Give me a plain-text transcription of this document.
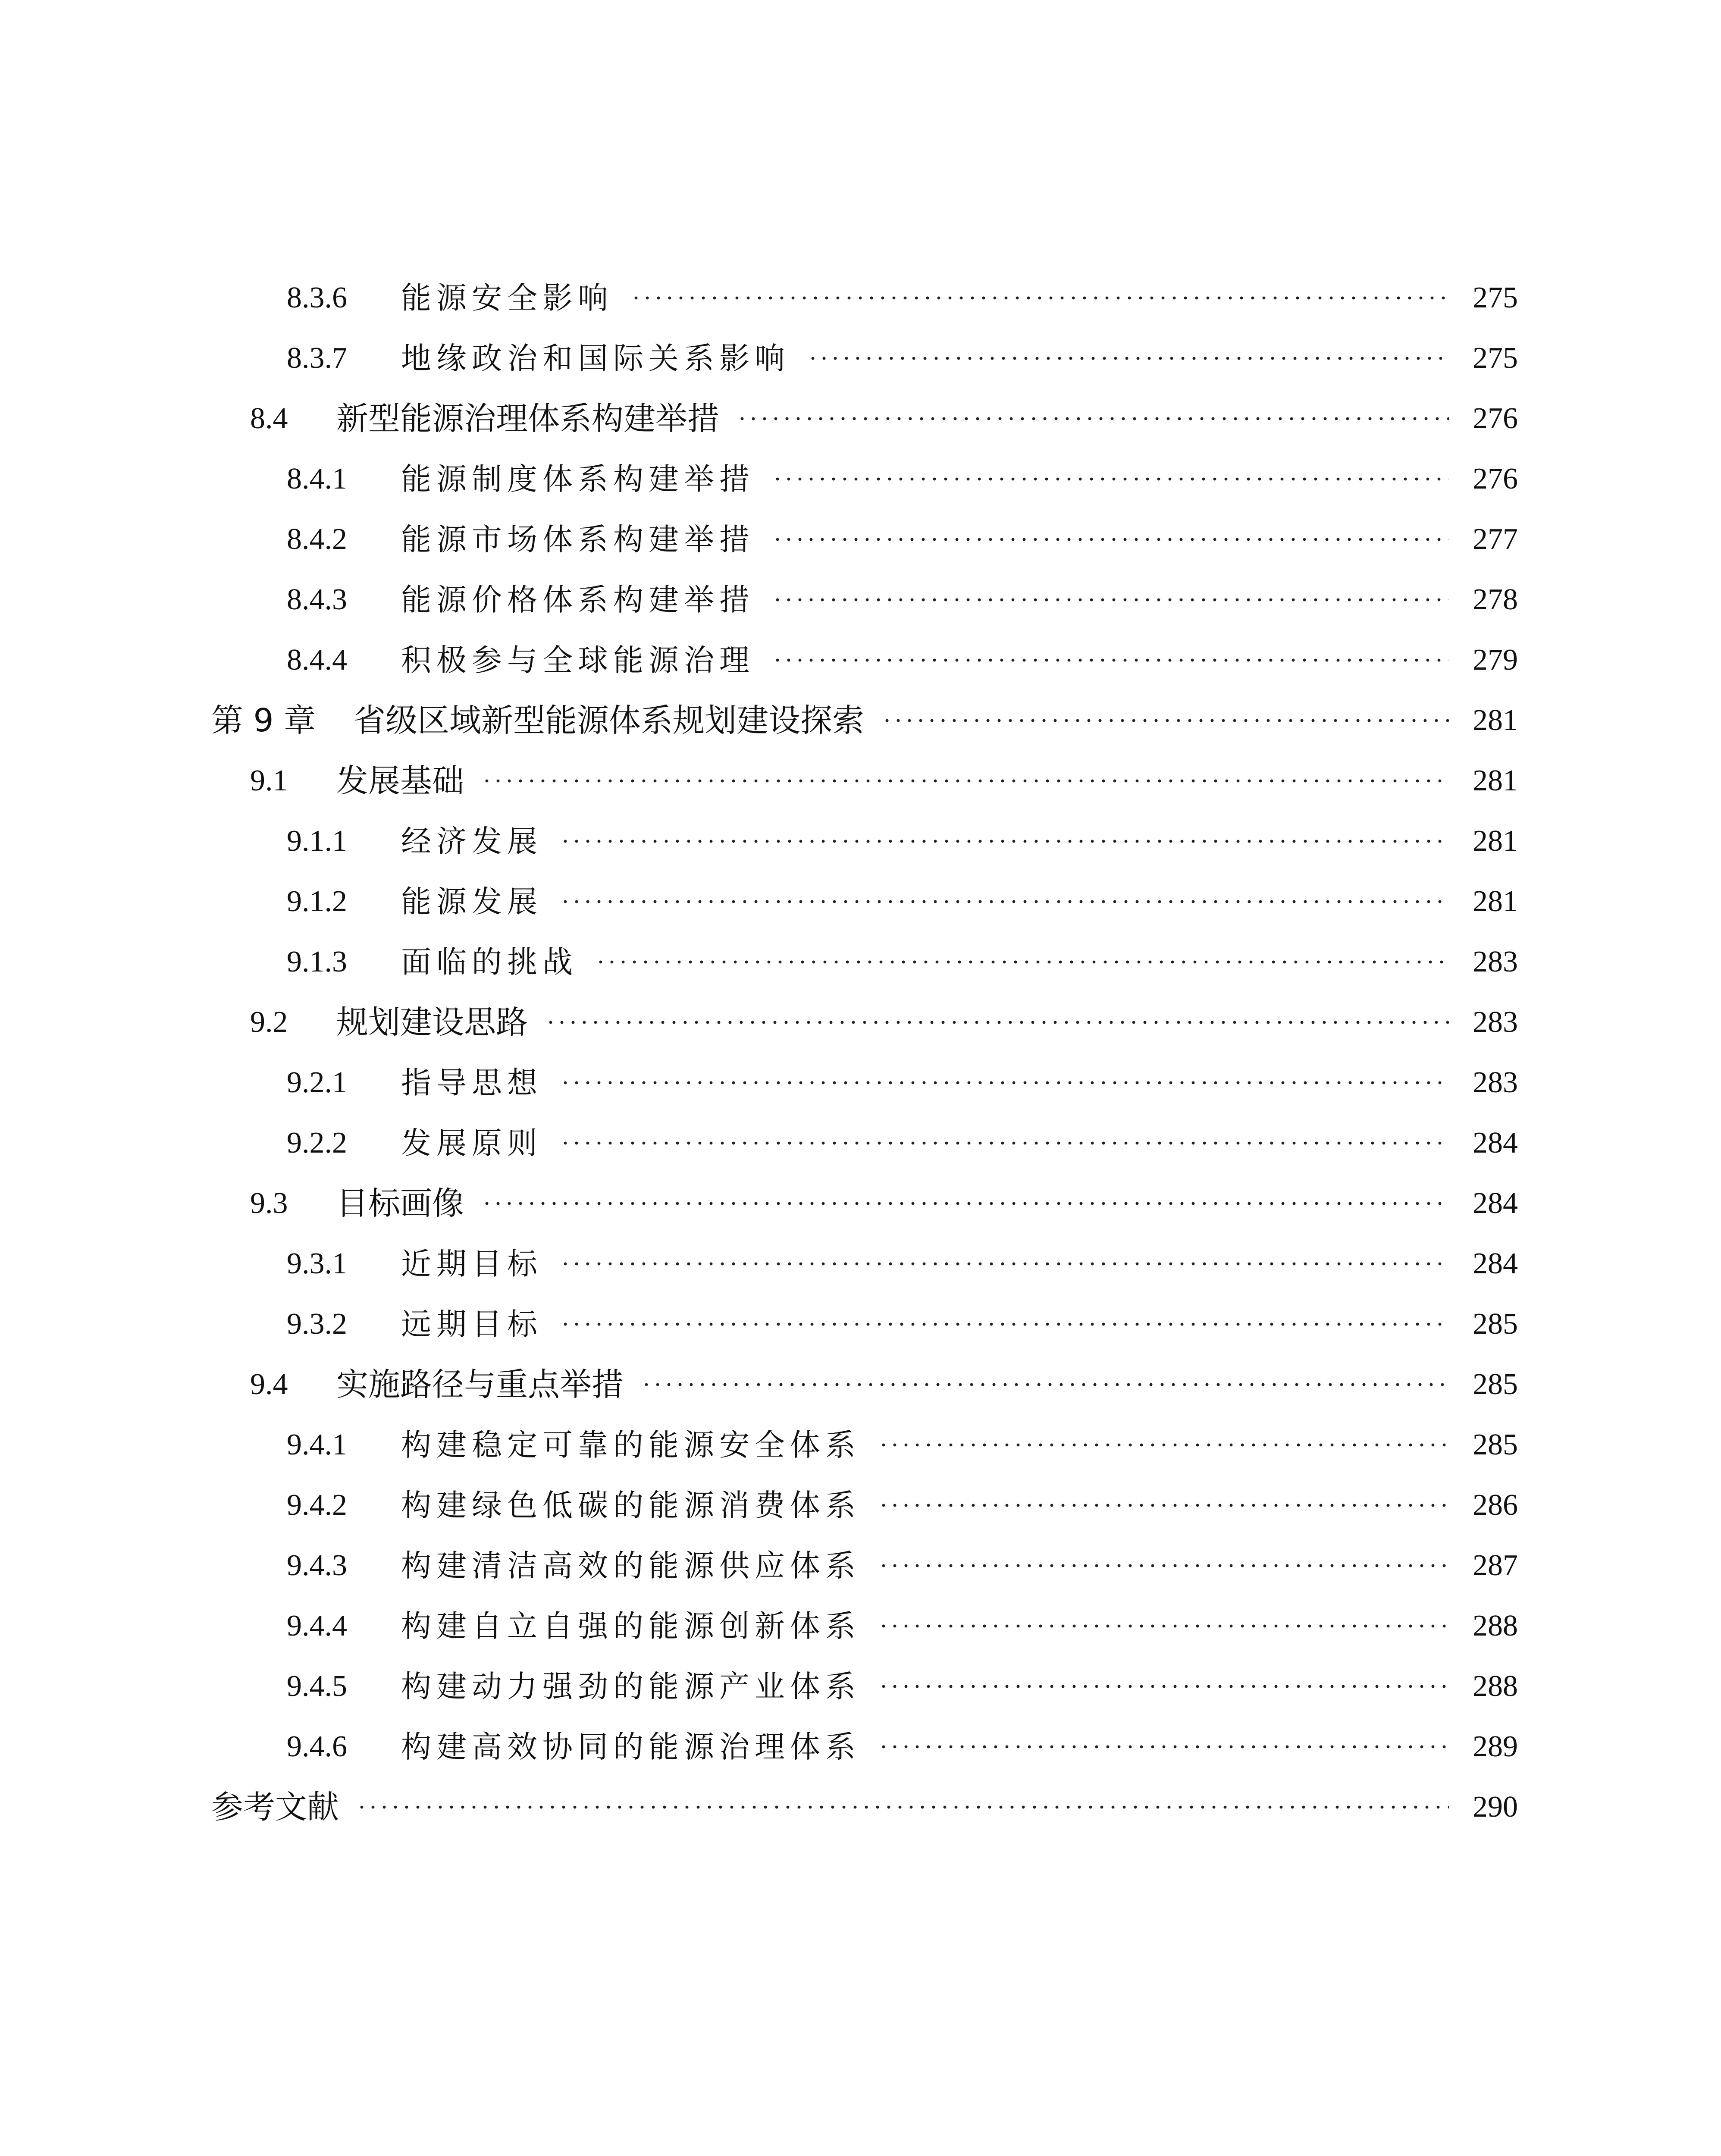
8.3.6	能源安全影响	275
8.3.7	地缘政治和国际关系影响	275
8.4	新型能源治理体系构建举措	276
8.4.1	能源制度体系构建举措	276
8.4.2	能源市场体系构建举措	277
8.4.3	能源价格体系构建举措	278
8.4.4	积极参与全球能源治理	279
第 9 章	省级区域新型能源体系规划建设探索	281
9.1	发展基础	281
9.1.1	经济发展	281
9.1.2	能源发展	281
9.1.3	面临的挑战	283
9.2	规划建设思路	283
9.2.1	指导思想	283
9.2.2	发展原则	284
9.3	目标画像	284
9.3.1	近期目标	284
9.3.2	远期目标	285
9.4	实施路径与重点举措	285
9.4.1	构建稳定可靠的能源安全体系	285
9.4.2	构建绿色低碳的能源消费体系	286
9.4.3	构建清洁高效的能源供应体系	287
9.4.4	构建自立自强的能源创新体系	288
9.4.5	构建动力强劲的能源产业体系	288
9.4.6	构建高效协同的能源治理体系	289
参考文献	290
